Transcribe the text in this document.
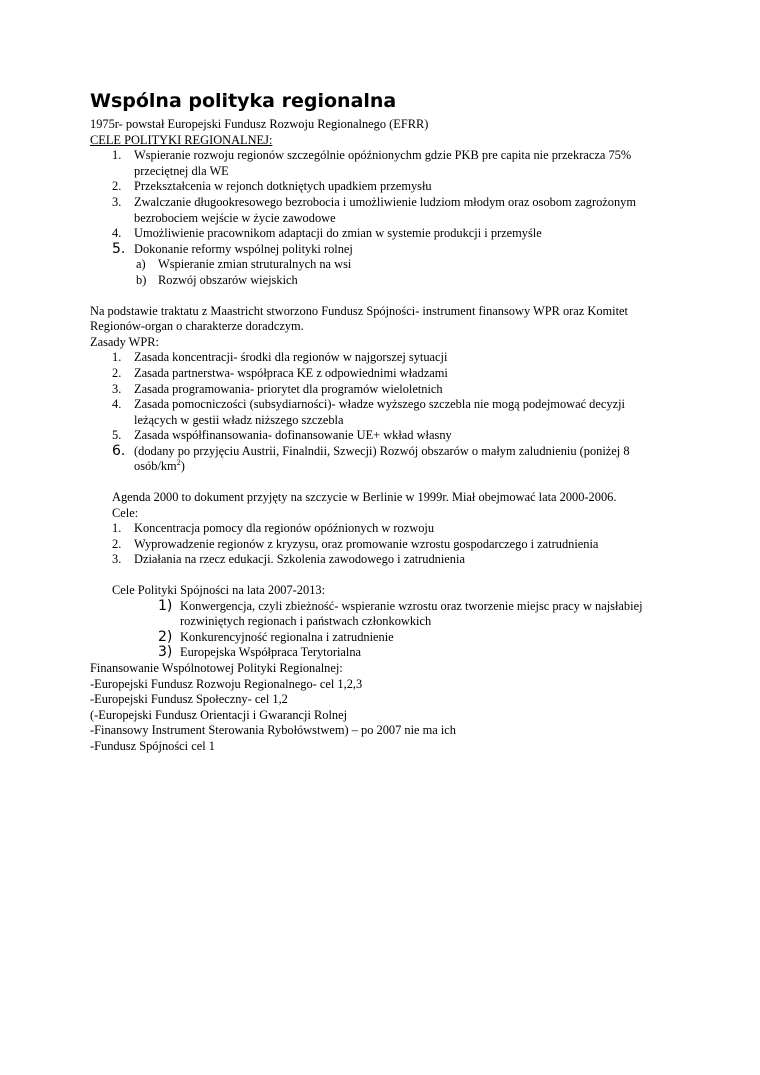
Wspólna polityka regionalna
1975r- powstał Europejski Fundusz Rozwoju Regionalnego (EFRR)
CELE POLITYKI REGIONALNEJ:
1.	Wspieranie rozwoju regionów szczególnie opóźnionychm gdzie PKB pre capita nie przekracza 75% przeciętnej dla WE
2.	Przekształcenia w rejonch dotkniętych upadkiem przemysłu
3.	Zwalczanie długookresowego bezrobocia i umożliwienie ludziom młodym oraz osobom zagrożonym bezrobociem wejście w życie zawodowe
4.	Umożliwienie pracownikom adaptacji do zmian w systemie produkcji i przemyśle
5. Dokonanie reformy wspólnej polityki rolnej
a) Wspieranie zmian struturalnych na wsi
b) Rozwój obszarów wiejskich
Na podstawie traktatu z Maastricht stworzono Fundusz Spójności- instrument finansowy WPR oraz Komitet Regionów-organ o charakterze doradczym.
Zasady WPR:
1.	Zasada koncentracji- środki dla regionów w najgorszej sytuacji
2.	Zasada partnerstwa- współpraca KE z odpowiednimi władzami
3.	Zasada programowania- priorytet dla programów wieloletnich
4.	Zasada pomocniczości (subsydiarności)- władze wyższego szczebla nie mogą podejmować decyzji leżących w gestii władz niższego szczebla
5.	Zasada współfinansowania- dofinansowanie UE+ wkład własny
6. (dodany po przyjęciu Austrii, Finalndii, Szwecji) Rozwój obszarów o małym zaludnieniu (poniżej 8 osób/$km^2$)
Agenda 2000 to dokument przyjęty na szczycie w Berlinie w 1999r. Miał obejmować lata 2000-2006.
Cele:
1.	Koncentracja pomocy dla regionów opóźnionych w rozwoju
2.	Wyprowadzenie regionów z kryzysu, oraz promowanie wzrostu gospodarczego i zatrudnienia
3.	Działania na rzecz edukacji. Szkolenia zawodowego i zatrudnienia
Cele Polityki Spójności na lata 2007-2013:
1) Konwergencja, czyli zbieżność- wspieranie wzrostu oraz tworzenie miejsc pracy w najsłabiej rozwiniętych regionach i państwach członkowkich
2) Konkurencyjność regionalna i zatrudnienie
3) Europejska Współpraca Terytorialna
Finansowanie Wspólnotowej Polityki Regionalnej:
-Europejski Fundusz Rozwoju Regionalnego- cel 1,2,3
-Europejski Fundusz Społeczny- cel 1,2
(-Europejski Fundusz Orientacji i Gwarancji Rolnej
-Finansowy Instrument Sterowania Rybołówstwem) – po 2007 nie ma ich
-Fundusz Spójności cel 1
